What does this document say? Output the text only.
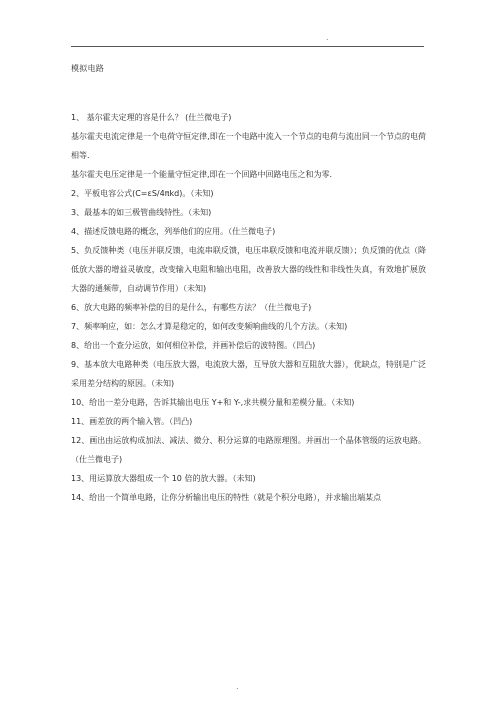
.
模拟电路

1、 基尔霍夫定理的容是什么？ (仕兰微电子)

基尔霍夫电流定律是一个电荷守恒定律,即在一个电路中流入一个节点的电荷与流出同一个节点的电荷相等.

基尔霍夫电压定律是一个能量守恒定律,即在一个回路中回路电压之和为零.

2、平板电容公式(C=εS/4πkd)。（未知)

3、最基本的如三极管曲线特性。（未知)

4、描述反馈电路的概念，列举他们的应用。（仕兰微电子)

5、负反馈种类（电压并联反馈，电流串联反馈，电压串联反馈和电流并联反馈）；负反馈的优点（降低放大器的增益灵敏度，改变输入电阻和输出电阻，改善放大器的线性和非线性失真，有效地扩展放大器的通频带，自动调节作用）（未知)

6、放大电路的频率补偿的目的是什么，有哪些方法？（仕兰微电子)

7、频率响应，如：怎么才算是稳定的，如何改变频响曲线的几个方法。（未知)

8、给出一个查分运放，如何相位补偿，并画补偿后的波特图。（凹凸)

9、基本放大电路种类（电压放大器，电流放大器，互导放大器和互阻放大器），优缺点，特别是广泛采用差分结构的原因。（未知)

10、给出一差分电路，告诉其输出电压 Y+和 Y-,求共模分量和差模分量。（未知)

11、画差放的两个输入管。（凹凸)

12、画出由运放构成加法、减法、微分、积分运算的电路原理图。并画出一个晶体管级的运放电路。（仕兰微电子)

13、用运算放大器组成一个 10 倍的放大器。（未知)

14、给出一个简单电路，让你分析输出电压的特性（就是个积分电路），并求输出端某点

.
